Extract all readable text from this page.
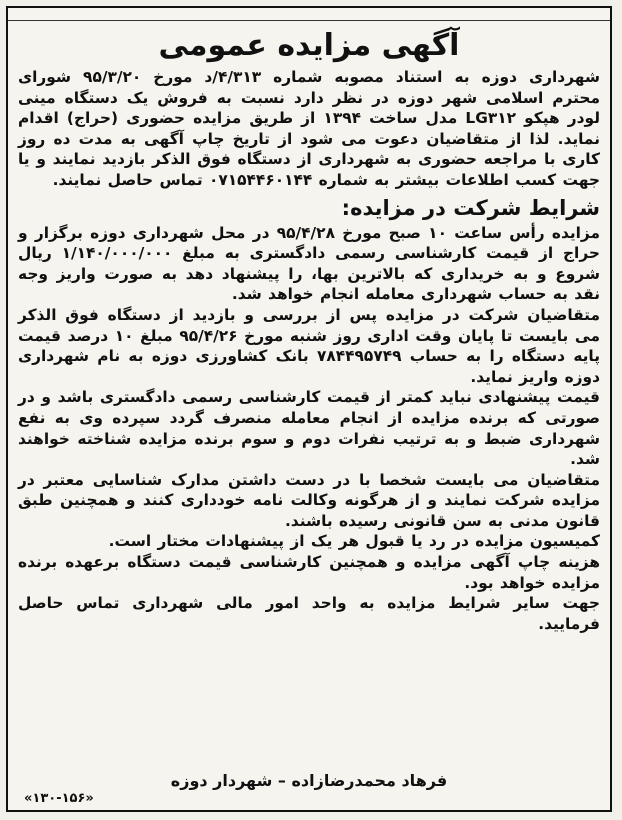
آگهی مزایده عمومی
شهرداری دوزه به استناد مصوبه شماره ۴/۳۱۳/د مورخ ۹۵/۳/۲۰ شورای محترم اسلامی شهر دوزه در نظر دارد نسبت به فروش یک دستگاه مینی لودر هپکو LG۳۱۲ مدل ساخت ۱۳۹۴ از طریق مزایده حضوری (حراج) اقدام نماید. لذا از متقاضیان دعوت می شود از تاریخ چاپ آگهی به مدت ده روز کاری با مراجعه حضوری به شهرداری از دستگاه فوق الذکر بازدید نمایند و یا جهت کسب اطلاعات بیشتر به شماره ۰۷۱۵۴۴۶۰۱۴۴ تماس حاصل نمایند.
شرایط شرکت در مزایده:
مزایده رأس ساعت ۱۰ صبح مورخ ۹۵/۴/۲۸ در محل شهرداری دوزه برگزار و حراج از قیمت کارشناسی رسمی دادگستری به مبلغ ۱/۱۴۰/۰۰۰/۰۰۰ ریال شروع و به خریداری که بالاترین بها، را پیشنهاد دهد به صورت واریز وجه نقد به حساب شهرداری معامله انجام خواهد شد.
متقاضیان شرکت در مزایده پس از بررسی و بازدید از دستگاه فوق الذکر می بایست تا پایان وقت اداری روز شنبه مورخ ۹۵/۴/۲۶ مبلغ ۱۰ درصد قیمت پایه دستگاه را به حساب ۷۸۴۴۹۵۷۴۹ بانک کشاورزی دوزه به نام شهرداری دوزه واریز نماید.
قیمت پیشنهادی نباید کمتر از قیمت کارشناسی رسمی دادگستری باشد و در صورتی که برنده مزایده از انجام معامله منصرف گردد سپرده وی به نفع شهرداری ضبط و به ترتیب نفرات دوم و سوم برنده مزایده شناخته خواهند شد.
متقاضیان می بایست شخصا با در دست داشتن مدارک شناسایی معتبر در مزایده شرکت نمایند و از هرگونه وکالت نامه خودداری کنند و همچنین طبق قانون مدنی به سن قانونی رسیده باشند.
کمیسیون مزایده در رد یا قبول هر یک از پیشنهادات مختار است.
هزینه چاپ آگهی مزایده و همچنین کارشناسی قیمت دستگاه برعهده برنده مزایده خواهد بود.
جهت سایر شرایط مزایده به واحد امور مالی شهرداری تماس حاصل فرمایید.
فرهاد محمدرضازاده – شهردار دوزه
«۱۳۰-۱۵۶»
